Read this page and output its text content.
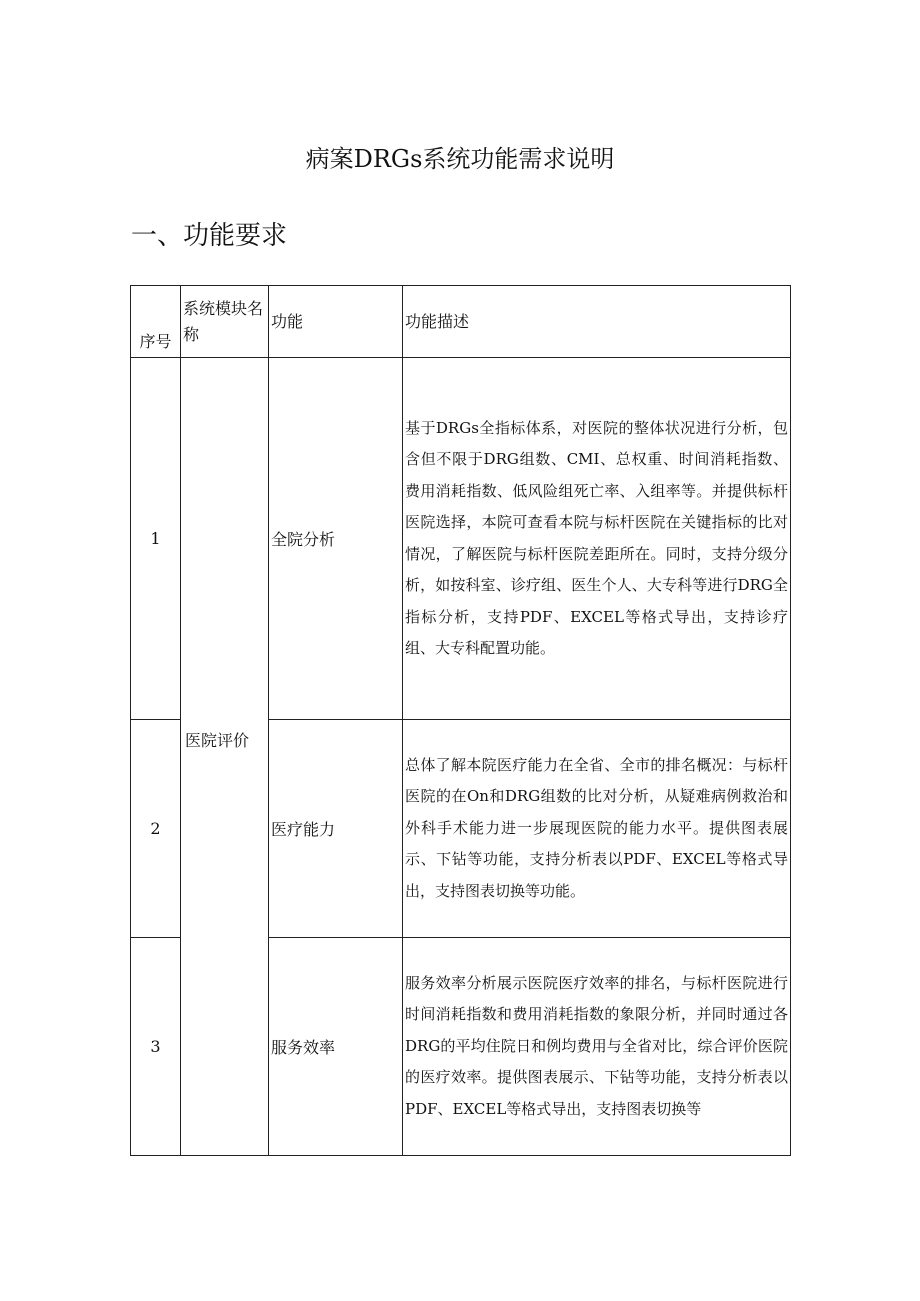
病案DRGs系统功能需求说明
一、功能要求
序号	系统模块名称	功能	功能描述
1	医院评价	全院分析	基于DRGs全指标体系，对医院的整体状况进行分析，包含但不限于DRG组数、CMI、总权重、时间消耗指数、费用消耗指数、低风险组死亡率、入组率等。并提供标杆医院选择，本院可查看本院与标杆医院在关键指标的比对情况，了解医院与标杆医院差距所在。同时，支持分级分析，如按科室、诊疗组、医生个人、大专科等进行DRG全指标分析，支持PDF、EXCEL等格式导出，支持诊疗组、大专科配置功能。
2		医疗能力	总体了解本院医疗能力在全省、全市的排名概况：与标杆医院的在On和DRG组数的比对分析，从疑难病例救治和外科手术能力进一步展现医院的能力水平。提供图表展示、下钻等功能，支持分析表以PDF、EXCEL等格式导出，支持图表切换等功能。
3		服务效率	服务效率分析展示医院医疗效率的排名，与标杆医院进行时间消耗指数和费用消耗指数的象限分析，并同时通过各DRG的平均住院日和例均费用与全省对比，综合评价医院的医疗效率。提供图表展示、下钻等功能，支持分析表以PDF、EXCEL等格式导出，支持图表切换等
